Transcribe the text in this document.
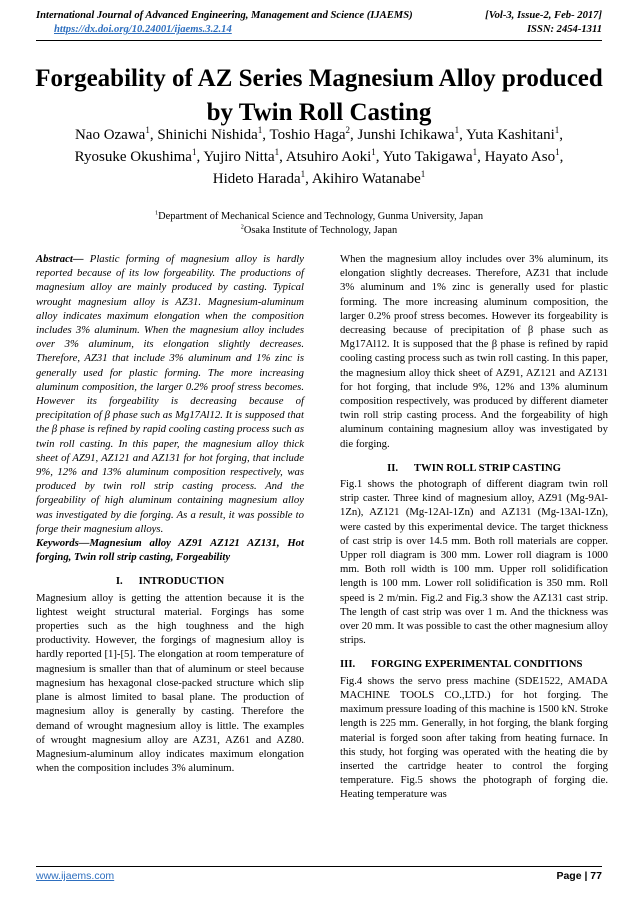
International Journal of Advanced Engineering, Management and Science (IJAEMS)	[Vol-3, Issue-2, Feb- 2017]
https://dx.doi.org/10.24001/ijaems.3.2.14	ISSN: 2454-1311
Forgeability of AZ Series Magnesium Alloy produced by Twin Roll Casting
Nao Ozawa$^1$, Shinichi Nishida$^1$, Toshio Haga$^2$, Junshi Ichikawa$^1$, Yuta Kashitani$^1$,
Ryosuke Okushima$^1$, Yujiro Nitta$^1$, Atsuhiro Aoki$^1$, Yuto Takigawa$^1$, Hayato Aso$^1$,
Hideto Harada$^1$, Akihiro Watanabe$^1$
$^1$Department of Mechanical Science and Technology, Gunma University, Japan
$^2$Osaka Institute of Technology, Japan

Abstract— Plastic forming of magnesium alloy is hardly reported because of its low forgeability. The productions of magnesium alloy are mainly produced by casting. Typical wrought magnesium alloy is AZ31. Magnesium-aluminum alloy indicates maximum elongation when the composition includes 3% aluminum. When the magnesium alloy includes over 3% aluminum, its elongation slightly decreases. Therefore, AZ31 that include 3% aluminum and 1% zinc is generally used for plastic forming. The more increasing aluminum composition, the larger 0.2% proof stress becomes. However its forgeability is decreasing because of precipitation of β phase such as Mg17Al12. It is supposed that the β phase is refined by rapid cooling casting process such as twin roll casting. In this paper, the magnesium alloy thick sheet of AZ91, AZ121 and AZ131 for hot forging, that include 9%, 12% and 13% aluminum composition respectively, was produced by twin roll strip casting process. And the forgeability of high aluminum containing magnesium alloy was investigated by die forging. As a result, it was possible to forge their magnesium alloys.

Keywords—Magnesium alloy AZ91 AZ121 AZ131, Hot forging, Twin roll strip casting, Forgeability

I.      INTRODUCTION

Magnesium alloy is getting the attention because it is the lightest weight structural material. Forgings has some properties such as the high toughness and the high productivity. However, the forgings of magnesium alloy is hardly reported [1]-[5]. The elongation at room temperature of magnesium is smaller than that of aluminum or steel because magnesium has hexagonal close-packed structure which slip plane is almost limited to basal plane. The production of magnesium alloy is generally by casting. Therefore the demand of wrought magnesium alloy is little. The examples of wrought magnesium alloy are AZ31, AZ61 and AZ80. Magnesium-aluminum alloy indicates maximum elongation when the composition includes 3% aluminum.

When the magnesium alloy includes over 3% aluminum, its elongation slightly decreases. Therefore, AZ31 that include 3% aluminum and 1% zinc is generally used for plastic forming. The more increasing aluminum composition, the larger 0.2% proof stress becomes. However its forgeability is decreasing because of precipitation of β phase such as Mg17Al12. It is supposed that the β phase is refined by rapid cooling casting process such as twin roll casting. In this paper, the magnesium alloy thick sheet of AZ91, AZ121 and AZ131 for hot forging, that include 9%, 12% and 13% aluminum composition respectively, was produced by different diameter twin roll strip casting process. And the forgeability of high aluminum containing magnesium alloy was investigated by die forging.

II.      TWIN ROLL STRIP CASTING

Fig.1 shows the photograph of different diagram twin roll strip caster. Three kind of magnesium alloy, AZ91 (Mg-9Al-1Zn), AZ121 (Mg-12Al-1Zn) and AZ131 (Mg-13Al-1Zn), were casted by this experimental device. The target thickness of cast strip is over 14.5 mm. Both roll materials are copper. Upper roll diagram is 300 mm. Lower roll diagram is 1000 mm. Both roll width is 100 mm. Upper roll solidification length is 100 mm. Lower roll solidification is 350 mm. Roll speed is 2 m/min. Fig.2 and Fig.3 show the AZ131 cast strip. The length of cast strip was over 1 m. And the thickness was over 20 mm. It was possible to cast the other magnesium alloy strips.

III.      FORGING EXPERIMENTAL CONDITIONS

Fig.4 shows the servo press machine (SDE1522, AMADA MACHINE TOOLS CO.,LTD.) for hot forging. The maximum pressure loading of this machine is 1500 kN. Stroke length is 225 mm. Generally, in hot forging, the blank forging material is forged soon after taking from heating furnace. In this study, hot forging was operated with the heating die by inserted the cartridge heater to control the forging temperature. Fig.5 shows the photograph of forging die. Heating temperature was

www.ijaems.com	Page | 77
